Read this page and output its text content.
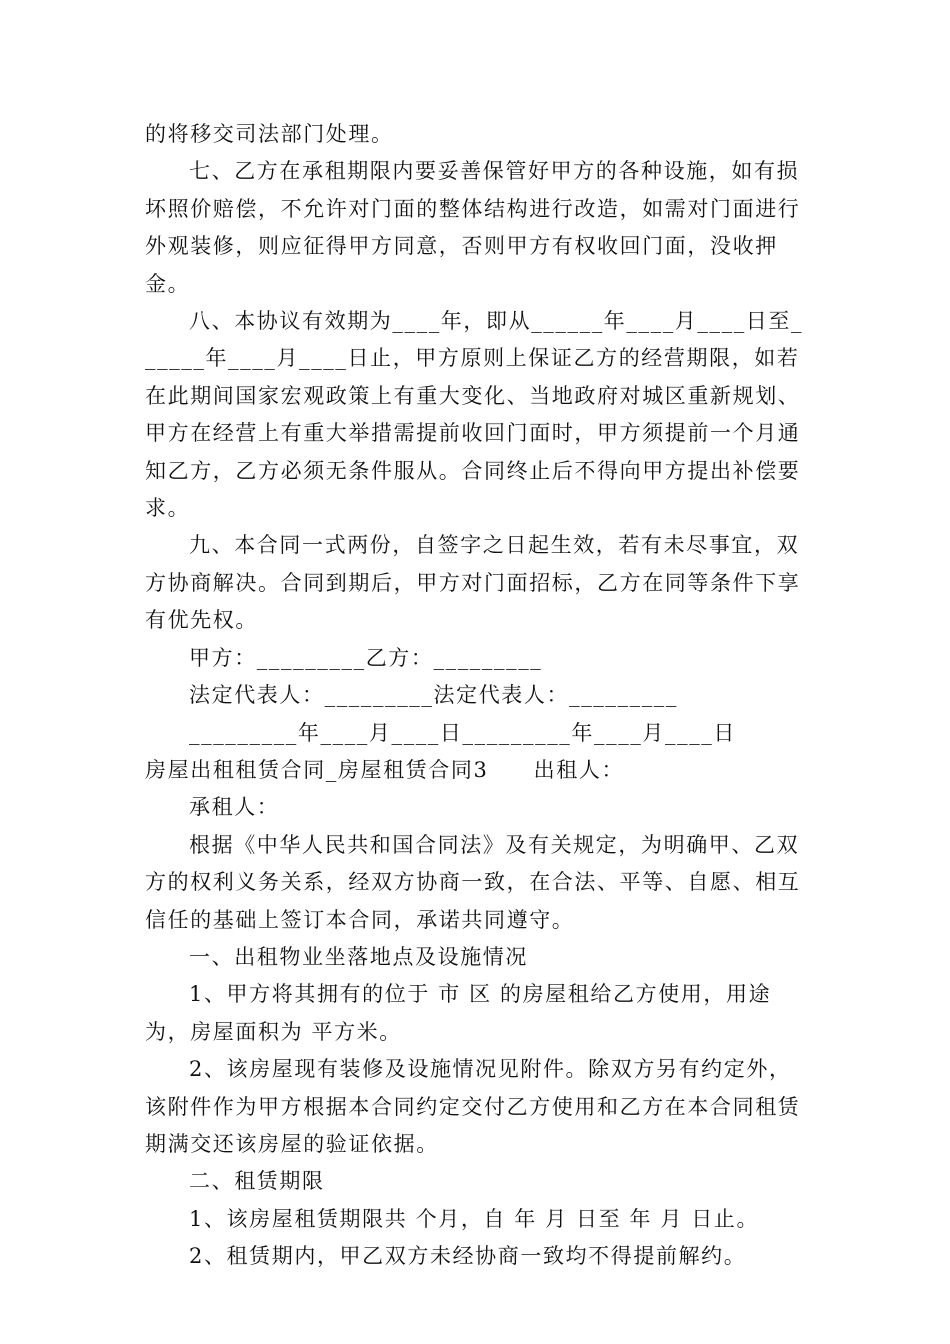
的将移交司法部门处理。

七、乙方在承租期限内要妥善保管好甲方的各种设施，如有损坏照价赔偿，不允许对门面的整体结构进行改造，如需对门面进行外观装修，则应征得甲方同意，否则甲方有权收回门面，没收押金。

八、本协议有效期为____年，即从______年____月____日至______年____月____日止，甲方原则上保证乙方的经营期限，如若在此期间国家宏观政策上有重大变化、当地政府对城区重新规划、甲方在经营上有重大举措需提前收回门面时，甲方须提前一个月通知乙方，乙方必须无条件服从。合同终止后不得向甲方提出补偿要求。

九、本合同一式两份，自签字之日起生效，若有未尽事宜，双方协商解决。合同到期后，甲方对门面招标，乙方在同等条件下享有优先权。

甲方：_________乙方：_________

法定代表人：_________法定代表人：_________

_________年____月____日_________年____月____日

房屋出租租赁合同_房屋租赁合同3　　出租人：

承租人：

根据《中华人民共和国合同法》及有关规定，为明确甲、乙双方的权利义务关系，经双方协商一致，在合法、平等、自愿、相互信任的基础上签订本合同，承诺共同遵守。

一、出租物业坐落地点及设施情况

1、甲方将其拥有的位于 市 区 的房屋租给乙方使用，用途为，房屋面积为 平方米。

2、该房屋现有装修及设施情况见附件。除双方另有约定外，该附件作为甲方根据本合同约定交付乙方使用和乙方在本合同租赁期满交还该房屋的验证依据。

二、租赁期限

1、该房屋租赁期限共 个月，自 年 月 日至 年 月 日止。

2、租赁期内，甲乙双方未经协商一致均不得提前解约。
